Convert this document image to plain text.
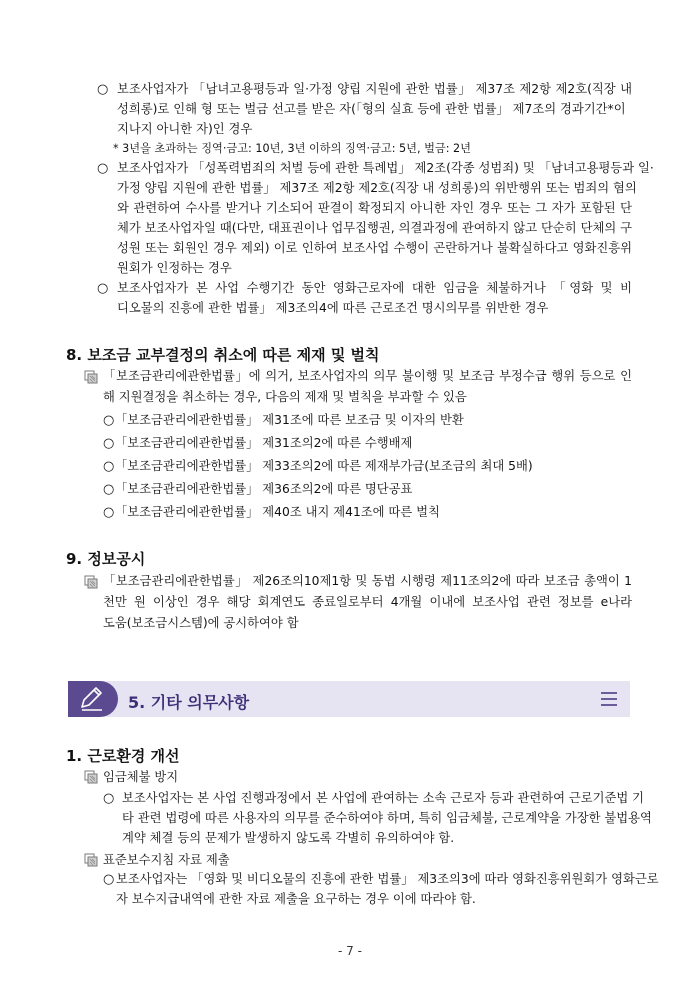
○ 보조사업자가 「남녀고용평등과 일·가정 양립 지원에 관한 법률」 제37조 제2항 제2호(직장 내
성희롱)로 인해 형 또는 벌금 선고를 받은 자(「형의 실효 등에 관한 법률」 제7조의 경과기간*이
지나지 아니한 자)인 경우
* 3년을 초과하는 징역·금고: 10년, 3년 이하의 징역·금고: 5년, 벌금: 2년
○ 보조사업자가 「성폭력범죄의 처벌 등에 관한 특례법」 제2조(각종 성범죄) 및 「남녀고용평등과 일·
가정 양립 지원에 관한 법률」 제37조 제2항 제2호(직장 내 성희롱)의 위반행위 또는 범죄의 혐의
와 관련하여 수사를 받거나 기소되어 판결이 확정되지 아니한 자인 경우 또는 그 자가 포함된 단
체가 보조사업자일 때(다만, 대표권이나 업무집행권, 의결과정에 관여하지 않고 단순히 단체의 구
성원 또는 회원인 경우 제외) 이로 인하여 보조사업 수행이 곤란하거나 불확실하다고 영화진흥위
원회가 인정하는 경우
○ 보조사업자가 본 사업 수행기간 동안 영화근로자에 대한 임금을 체불하거나 「영화 및 비
디오물의 진흥에 관한 법률」 제3조의4에 따른 근로조건 명시의무를 위반한 경우
8. 보조금 교부결정의 취소에 따른 제재 및 벌칙
「보조금관리에관한법률」에 의거, 보조사업자의 의무 불이행 및 보조금 부정수급 행위 등으로 인
해 지원결정을 취소하는 경우, 다음의 제재 및 벌칙을 부과할 수 있음
○ 「보조금관리에관한법률」 제31조에 따른 보조금 및 이자의 반환
○ 「보조금관리에관한법률」 제31조의2에 따른 수행배제
○ 「보조금관리에관한법률」 제33조의2에 따른 제재부가금(보조금의 최대 5배)
○ 「보조금관리에관한법률」 제36조의2에 따른 명단공표
○ 「보조금관리에관한법률」 제40조 내지 제41조에 따른 벌칙
9. 정보공시
「보조금관리에관한법률」 제26조의10제1항 및 동법 시행령 제11조의2에 따라 보조금 총액이 1
천만 원 이상인 경우 해당 회계연도 종료일로부터 4개월 이내에 보조사업 관련 정보를 e나라
도움(보조금시스템)에 공시하여야 함
5. 기타 의무사항
1. 근로환경 개선
임금체불 방지
○ 보조사업자는 본 사업 진행과정에서 본 사업에 관여하는 소속 근로자 등과 관련하여 근로기준법 기
타 관련 법령에 따른 사용자의 의무를 준수하여야 하며, 특히 임금체불, 근로계약을 가장한 불법용역
계약 체결 등의 문제가 발생하지 않도록 각별히 유의하여야 함.
표준보수지침 자료 제출
○ 보조사업자는 「영화 및 비디오물의 진흥에 관한 법률」 제3조의3에 따라 영화진흥위원회가 영화근로
자 보수지급내역에 관한 자료 제출을 요구하는 경우 이에 따라야 함.
- 7 -
